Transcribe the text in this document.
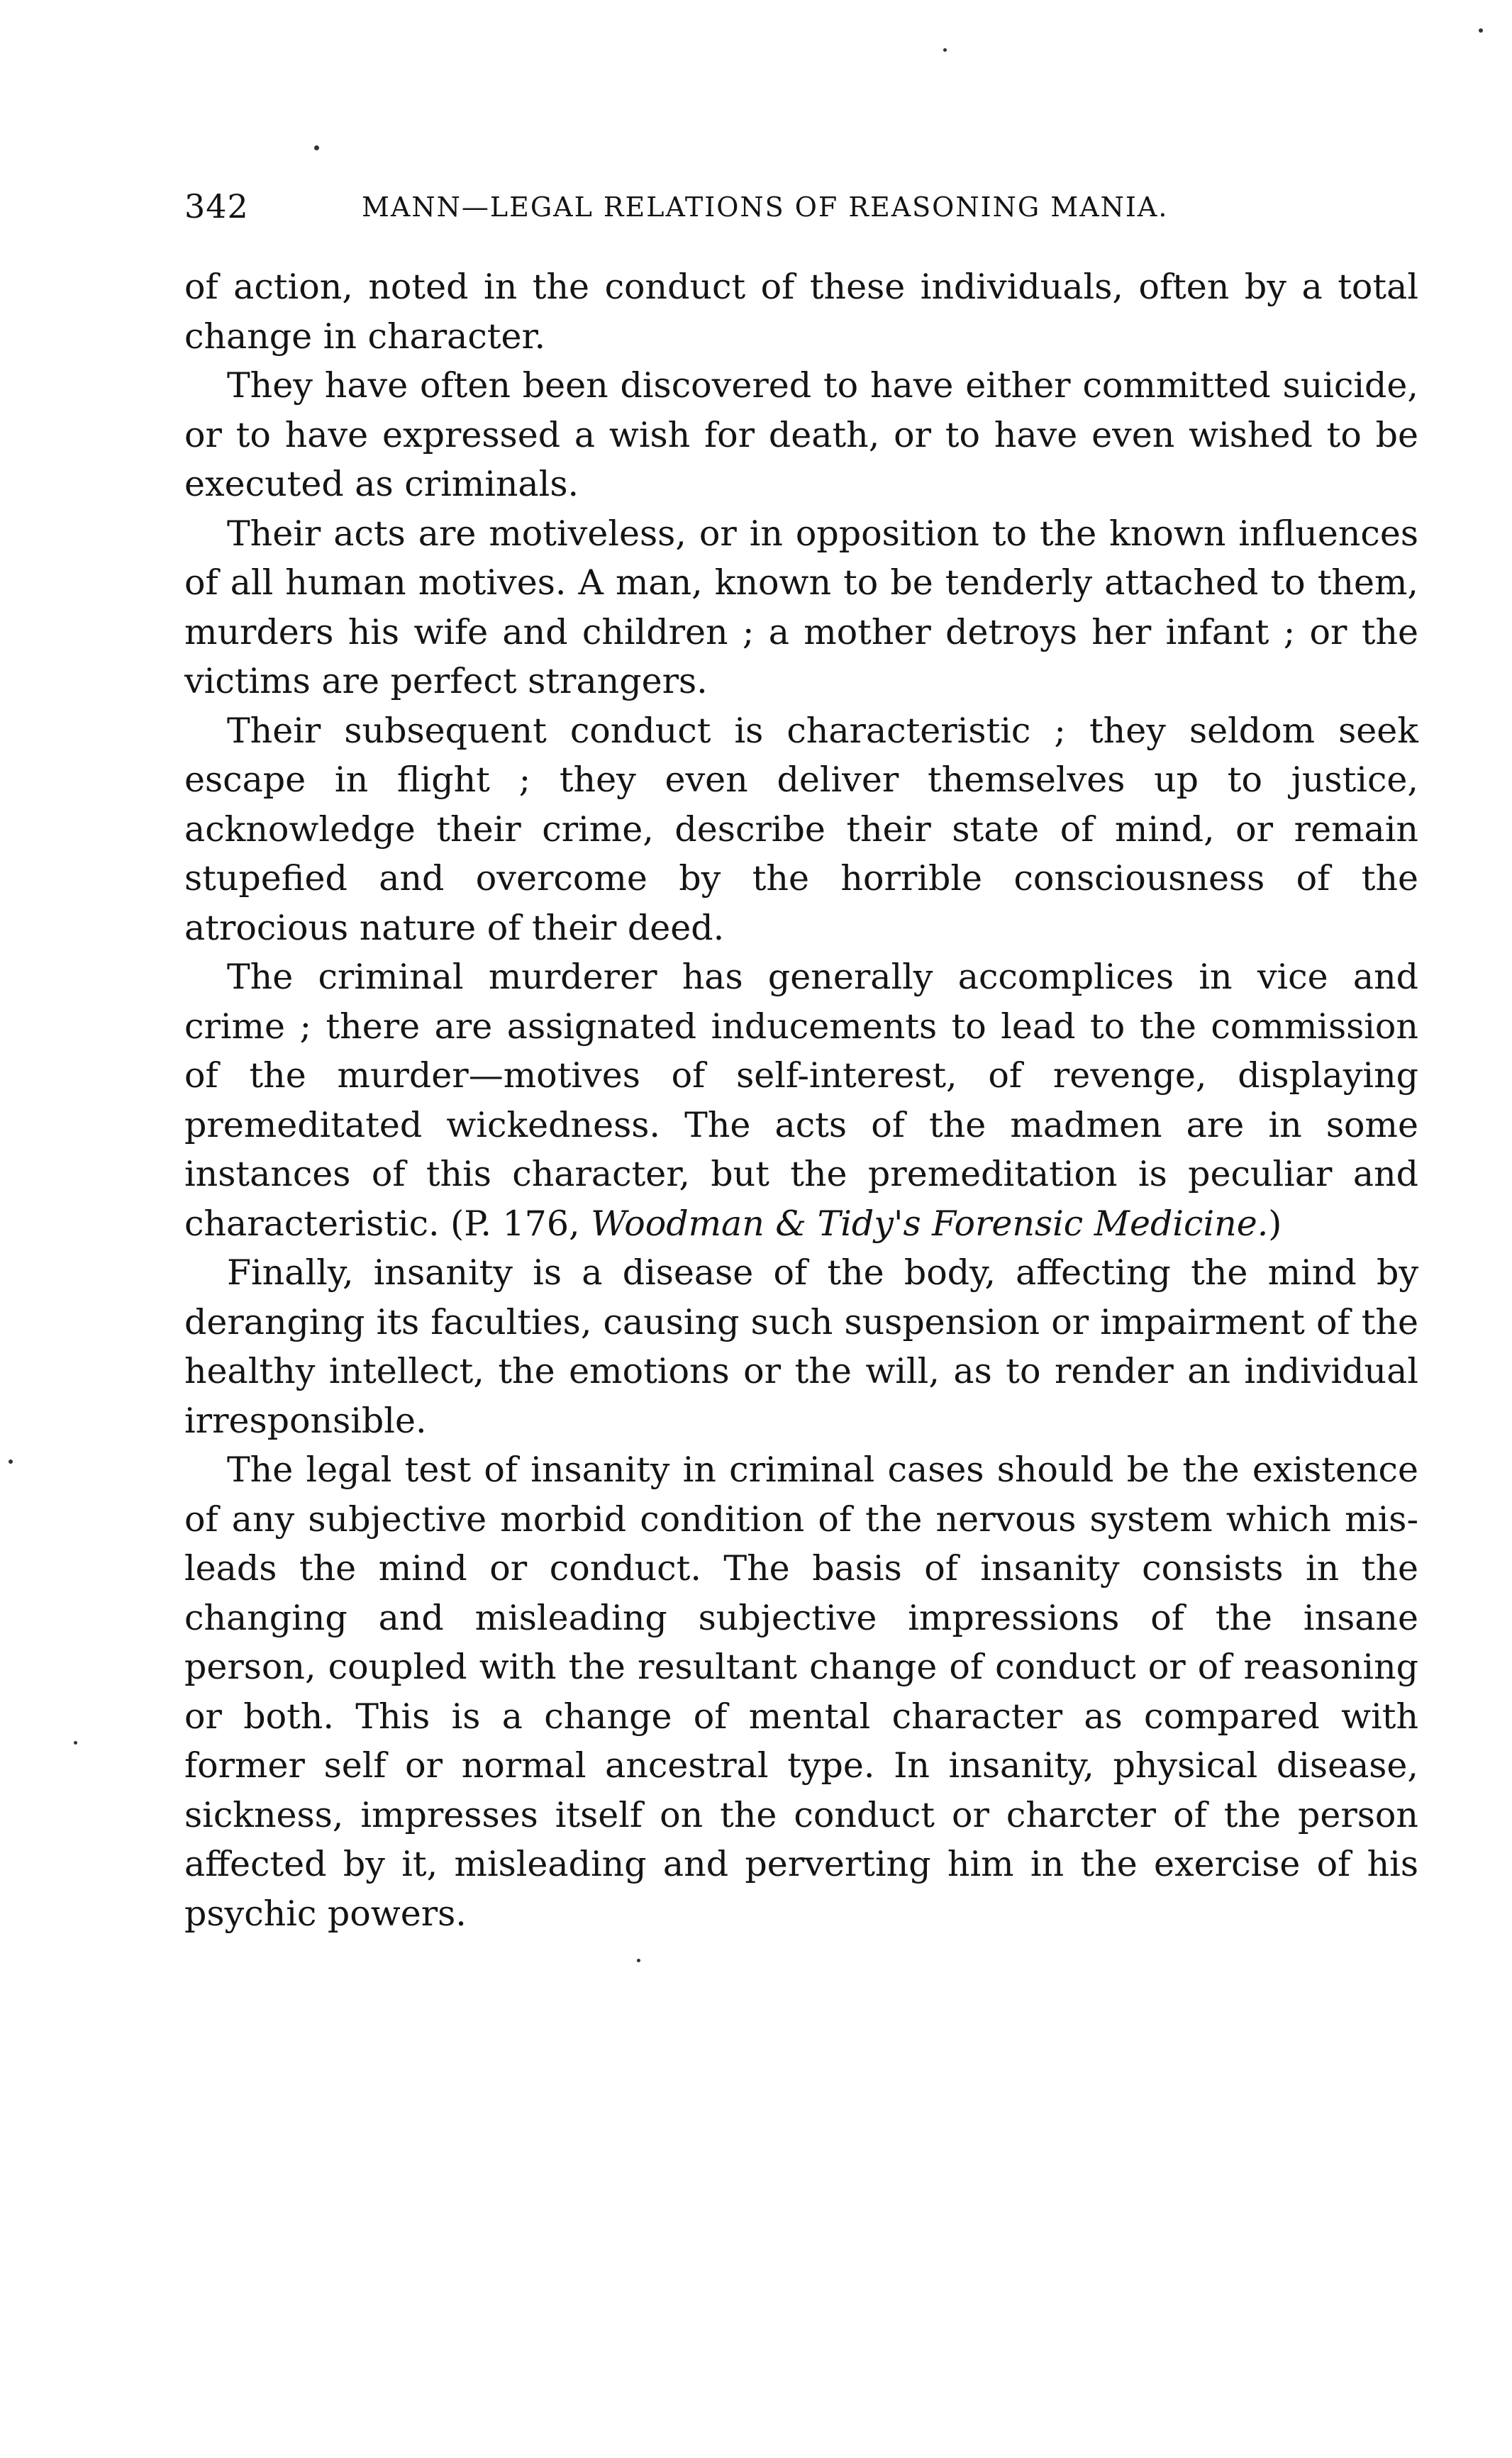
342	MANN—LEGAL RELATIONS OF REASONING MANIA.

of action, noted in the conduct of these individuals, often by a total change in character.

They have often been discovered to have either committed suicide, or to have expressed a wish for death, or to have even wished to be executed as criminals.

Their acts are motiveless, or in opposition to the known influences of all human motives. A man, known to be tenderly attached to them, murders his wife and children ; a mother detroys her infant ; or the victims are perfect strangers.

Their subsequent conduct is characteristic ; they seldom seek escape in flight ; they even deliver themselves up to justice, acknowledge their crime, describe their state of mind, or remain stupefied and overcome by the horrible consciousness of the atrocious nature of their deed.

The criminal murderer has generally accomplices in vice and crime ; there are assignated inducements to lead to the commission of the murder—motives of self-interest, of revenge, displaying premeditated wickedness. The acts of the madmen are in some instances of this character, but the premeditation is peculiar and characteristic. (P. 176, Woodman & Tidy's Forensic Medicine.)

Finally, insanity is a disease of the body, affecting the mind by deranging its faculties, causing such suspension or impairment of the healthy intellect, the emotions or the will, as to render an individual irresponsible.

The legal test of insanity in criminal cases should be the existence of any subjective morbid condition of the nervous system which misleads the mind or conduct. The basis of insanity consists in the changing and misleading subjective impressions of the insane person, coupled with the resultant change of conduct or of reasoning or both. This is a change of mental character as compared with former self or normal ancestral type. In insanity, physical disease, sickness, impresses itself on the conduct or charcter of the person affected by it, misleading and perverting him in the exercise of his psychic powers.
